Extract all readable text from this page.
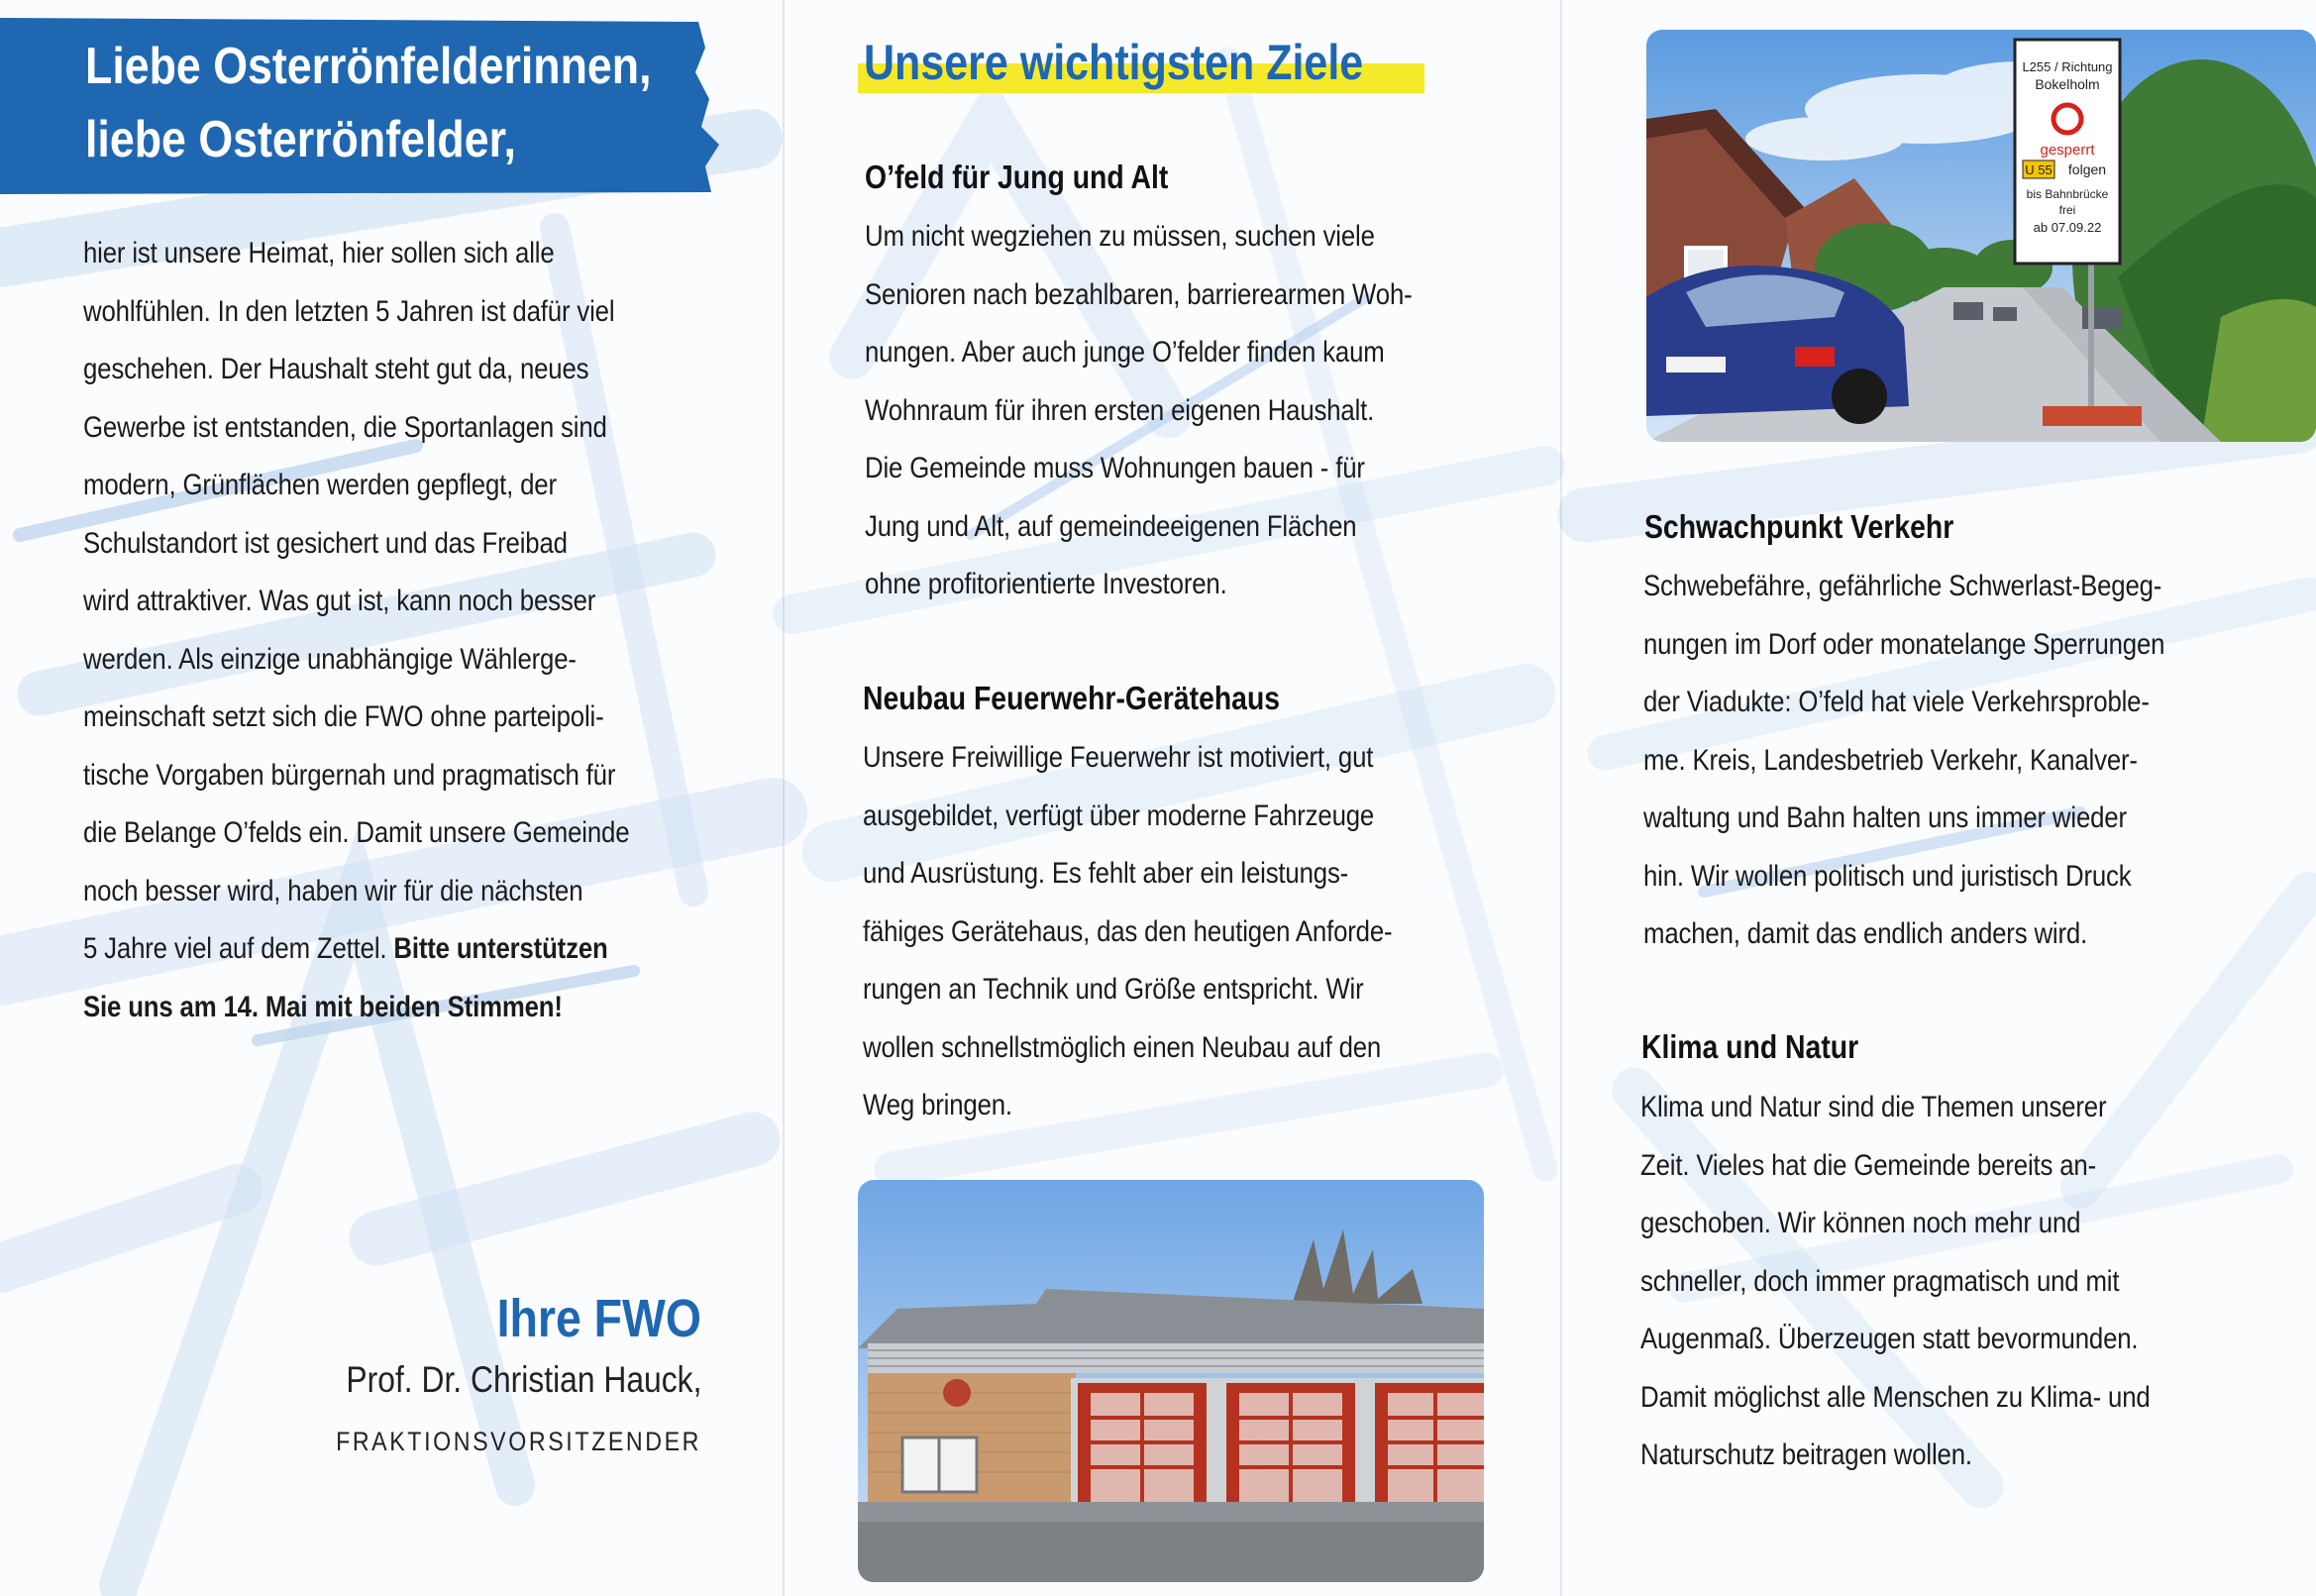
Liebe Osterrönfelderinnen,
liebe Osterrönfelder,
hier ist unsere Heimat, hier sollen sich alle
wohlfühlen. In den letzten 5 Jahren ist dafür viel
geschehen. Der Haushalt steht gut da, neues
Gewerbe ist entstanden, die Sportanlagen sind
modern, Grünflächen werden gepflegt, der
Schulstandort ist gesichert und das Freibad
wird attraktiver. Was gut ist, kann noch besser
werden. Als einzige unabhängige Wählerge-
meinschaft setzt sich die FWO ohne parteipoli-
tische Vorgaben bürgernah und pragmatisch für
die Belange O’felds ein. Damit unsere Gemeinde
noch besser wird, haben wir für die nächsten
5 Jahre viel auf dem Zettel. Bitte unterstützen
Sie uns am 14. Mai mit beiden Stimmen!
Ihre FWO
Prof. Dr. Christian Hauck,
FRAKTIONSVORSITZENDER
Unsere wichtigsten Ziele
O’feld für Jung und Alt
Um nicht wegziehen zu müssen, suchen viele
Senioren nach bezahlbaren, barrierearmen Woh-
nungen. Aber auch junge O’felder finden kaum
Wohnraum für ihren ersten eigenen Haushalt.
Die Gemeinde muss Wohnungen bauen - für
Jung und Alt, auf gemeindeeigenen Flächen
ohne profitorientierte Investoren.
Neubau Feuerwehr-Gerätehaus
Unsere Freiwillige Feuerwehr ist motiviert, gut
ausgebildet, verfügt über moderne Fahrzeuge
und Ausrüstung. Es fehlt aber ein leistungs-
fähiges Gerätehaus, das den heutigen Anforde-
rungen an Technik und Größe entspricht. Wir
wollen schnellstmöglich einen Neubau auf den
Weg bringen.
L255 / Richtung
Bokelholm
gesperrt
U 55 folgen
bis Bahnbrücke
frei
ab 07.09.22
Schwachpunkt Verkehr
Schwebefähre, gefährliche Schwerlast-Begeg-
nungen im Dorf oder monatelange Sperrungen
der Viadukte: O’feld hat viele Verkehrsproble-
me. Kreis, Landesbetrieb Verkehr, Kanalver-
waltung und Bahn halten uns immer wieder
hin. Wir wollen politisch und juristisch Druck
machen, damit das endlich anders wird.
Klima und Natur
Klima und Natur sind die Themen unserer
Zeit. Vieles hat die Gemeinde bereits an-
geschoben. Wir können noch mehr und
schneller, doch immer pragmatisch und mit
Augenmaß. Überzeugen statt bevormunden.
Damit möglichst alle Menschen zu Klima- und
Naturschutz beitragen wollen.
